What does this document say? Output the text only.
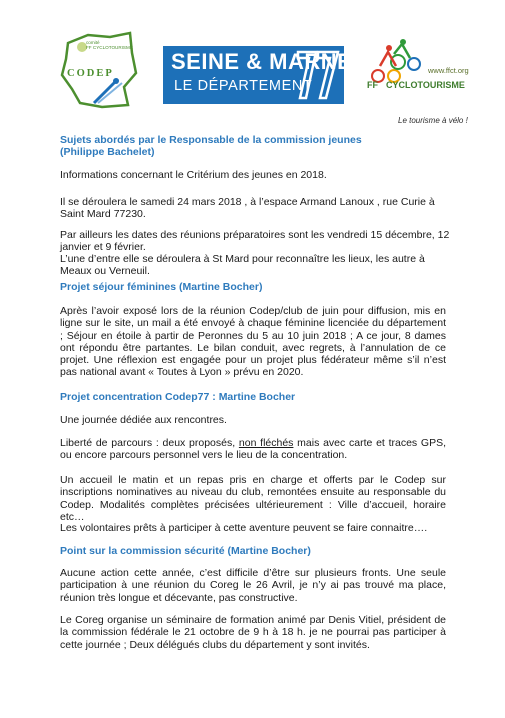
comité
FF CYCLOTOURISME
CODEP	SEINE & MARNE
LE DÉPARTEMENT
www.ffct.org
FF CYCLOTOURISME
Le tourisme à vélo !
Sujets abordés par le Responsable de la commission jeunes
(Philippe Bachelet)
Informations concernant le Critérium des jeunes en 2018.
Il se déroulera le samedi 24 mars 2018 , à l’espace Armand Lanoux , rue Curie à
Saint Mard 77230.
Par ailleurs les dates des réunions préparatoires sont les vendredi 15 décembre, 12
janvier et 9 février.
L’une d’entre elle se déroulera à St Mard pour reconnaître les lieux, les autre à
Meaux ou Verneuil.
Projet séjour féminines (Martine Bocher)
Après l’avoir exposé lors de la réunion Codep/club de juin pour diffusion, mis en ligne sur le site, un mail a été envoyé à chaque féminine licenciée du département ; Séjour en étoile à partir de Peronnes du 5 au 10 juin 2018 ; A ce jour, 8 dames ont répondu être partantes. Le bilan conduit, avec regrets, à l’annulation de ce projet. Une réflexion est engagée pour un projet plus fédérateur même s’il n’est pas national avant « Toutes à Lyon » prévu en 2020.
Projet concentration Codep77 : Martine Bocher
Une journée dédiée aux rencontres.
Liberté de parcours : deux proposés, non fléchés mais avec carte et traces GPS, ou encore parcours personnel vers le lieu de la concentration.
Un accueil le matin et un repas pris en charge et offerts par le Codep sur inscriptions nominatives au niveau du club, remontées ensuite au responsable du Codep. Modalités complètes précisées ultérieurement : Ville d’accueil, horaire etc…
Les volontaires prêts à participer à cette aventure peuvent se faire connaitre….
Point sur la commission sécurité (Martine Bocher)
Aucune action cette année, c’est difficile d’être sur plusieurs fronts. Une seule participation à une réunion du Coreg le 26 Avril, je n’y ai pas trouvé ma place, réunion très longue et décevante, pas constructive.
Le Coreg organise un séminaire de formation animé par Denis Vitiel, président de la commission fédérale le 21 octobre de 9 h à 18 h. je ne pourrai pas participer à cette journée ; Deux délégués clubs du département y sont invités.
